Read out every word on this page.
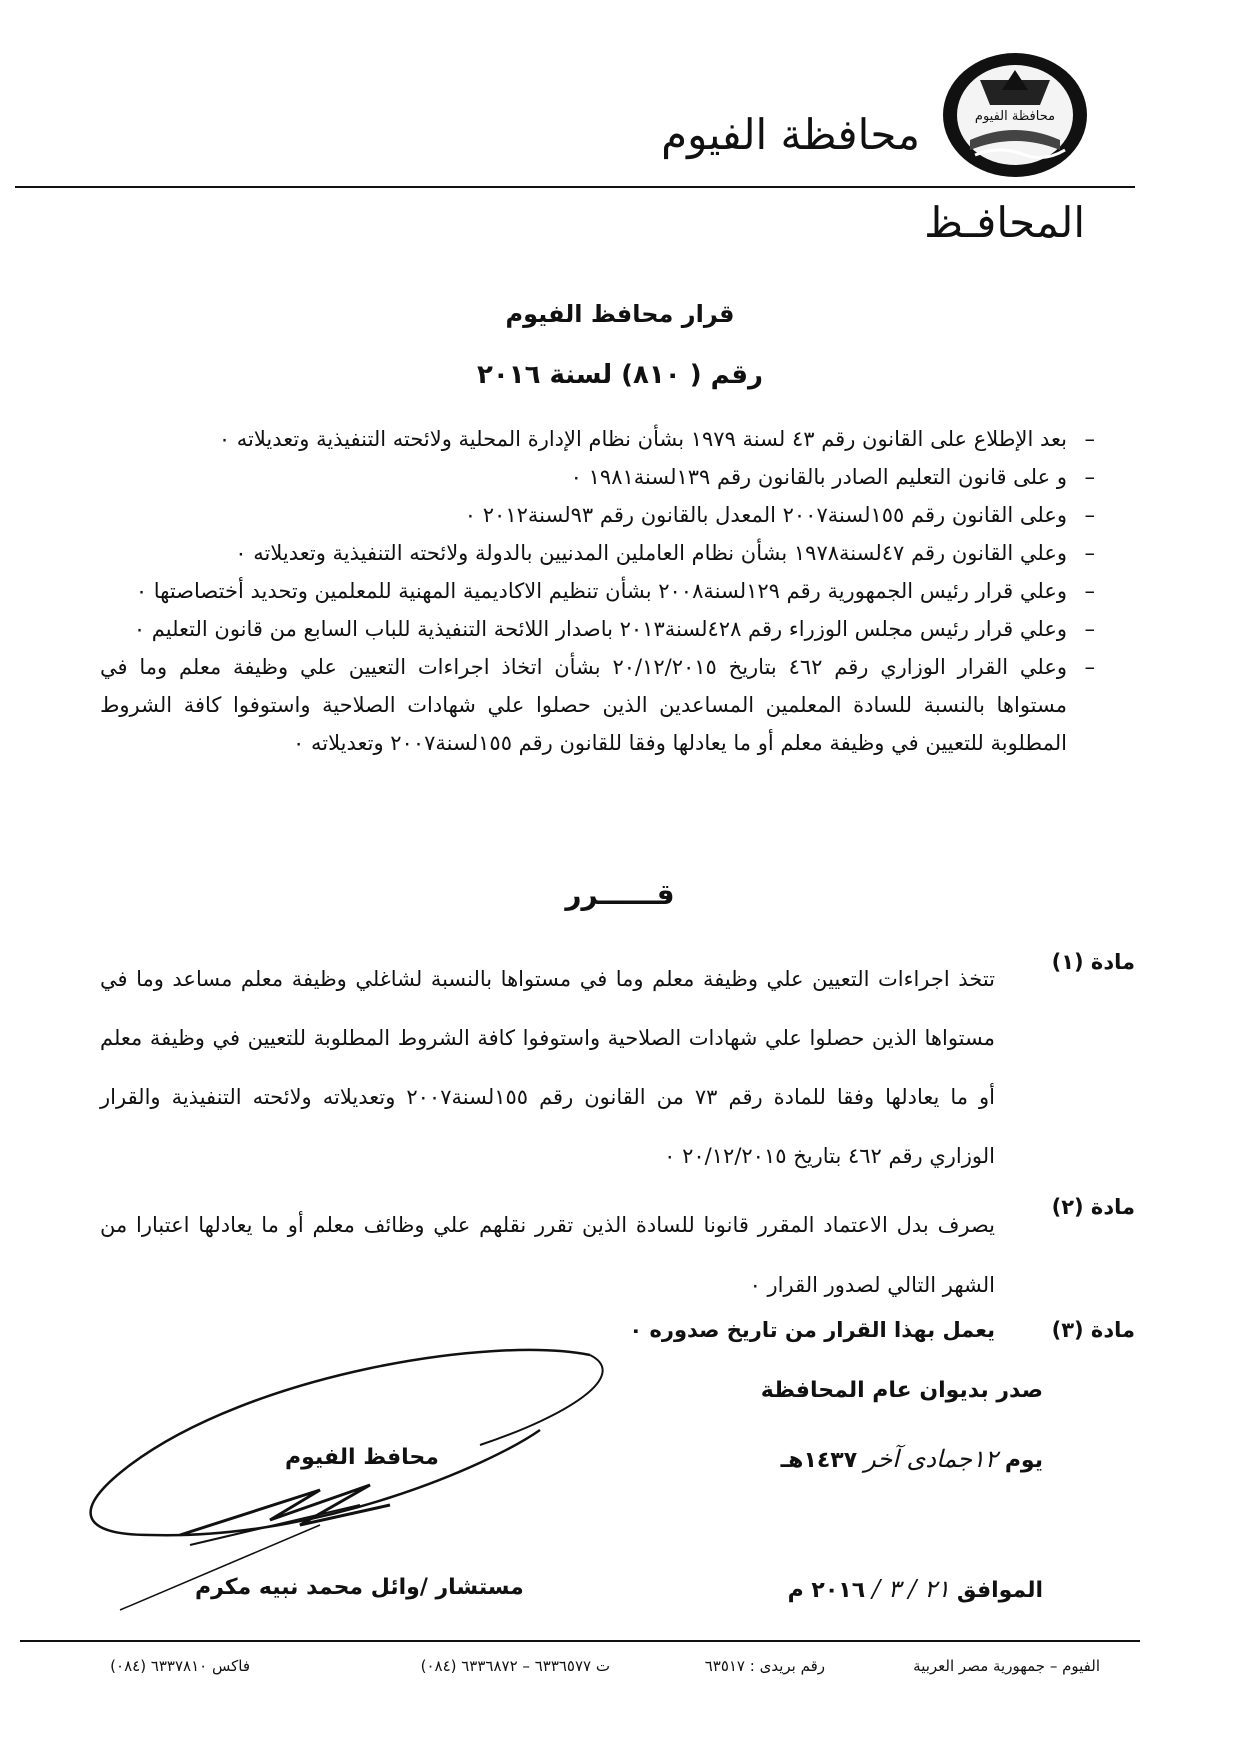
محافظة الفيوم
محافظة الفيوم
المحافـظ
قرار محافظ الفيوم
رقم ( ٨١٠) لسنة ٢٠١٦
– بعد الإطلاع على القانون رقم ٤٣ لسنة ١٩٧٩ بشأن نظام الإدارة المحلية ولائحته التنفيذية وتعديلاته ٠
– و على قانون التعليم الصادر بالقانون رقم ١٣٩لسنة١٩٨١ ٠
– وعلى القانون رقم ١٥٥لسنة٢٠٠٧ المعدل بالقانون رقم ٩٣لسنة٢٠١٢ ٠
– وعلي القانون رقم ٤٧لسنة١٩٧٨ بشأن نظام العاملين المدنيين بالدولة ولائحته التنفيذية وتعديلاته ٠
– وعلي قرار رئيس الجمهورية رقم ١٢٩لسنة٢٠٠٨ بشأن تنظيم الاكاديمية المهنية للمعلمين وتحديد أختصاصتها ٠
– وعلي قرار رئيس مجلس الوزراء رقم ٤٢٨لسنة٢٠١٣ باصدار اللائحة التنفيذية للباب السابع من قانون التعليم ٠
– وعلي القرار الوزاري رقم ٤٦٢ بتاريخ ٢٠/١٢/٢٠١٥ بشأن اتخاذ اجراءات التعيين علي وظيفة معلم وما في مستواها بالنسبة للسادة المعلمين المساعدين الذين حصلوا علي شهادات الصلاحية واستوفوا كافة الشروط المطلوبة للتعيين في وظيفة معلم أو ما يعادلها وفقا للقانون رقم ١٥٥لسنة٢٠٠٧ وتعديلاته ٠
قــــــرر
مادة (١)
تتخذ اجراءات التعيين علي وظيفة معلم وما في مستواها بالنسبة لشاغلي وظيفة معلم مساعد وما في مستواها الذين حصلوا علي شهادات الصلاحية واستوفوا كافة الشروط المطلوبة للتعيين في وظيفة معلم أو ما يعادلها وفقا للمادة رقم ٧٣ من القانون رقم ١٥٥لسنة٢٠٠٧ وتعديلاته ولائحته التنفيذية والقرار الوزاري رقم ٤٦٢ بتاريخ ٢٠/١٢/٢٠١٥ ٠
مادة (٢)
يصرف بدل الاعتماد المقرر قانونا للسادة الذين تقرر نقلهم علي وظائف معلم أو ما يعادلها اعتبارا من الشهر التالي لصدور القرار ٠
مادة (٣)
يعمل بهذا القرار من تاريخ صدوره ٠
صدر بديوان عام المحافظة
يوم ١٢جمادى آخر ١٤٣٧هـ
الموافق ٢١ / ٣ / ٢٠١٦ م
محافظ الفيوم
مستشار /وائل محمد نبيه مكرم
الفيوم – جمهورية مصر العربية
رقم بريدى : ٦٣٥١٧
ت ٦٣٣٦٥٧٧ – ٦٣٣٦٨٧٢ (٠٨٤)
فاكس ٦٣٣٧٨١٠ (٠٨٤)
